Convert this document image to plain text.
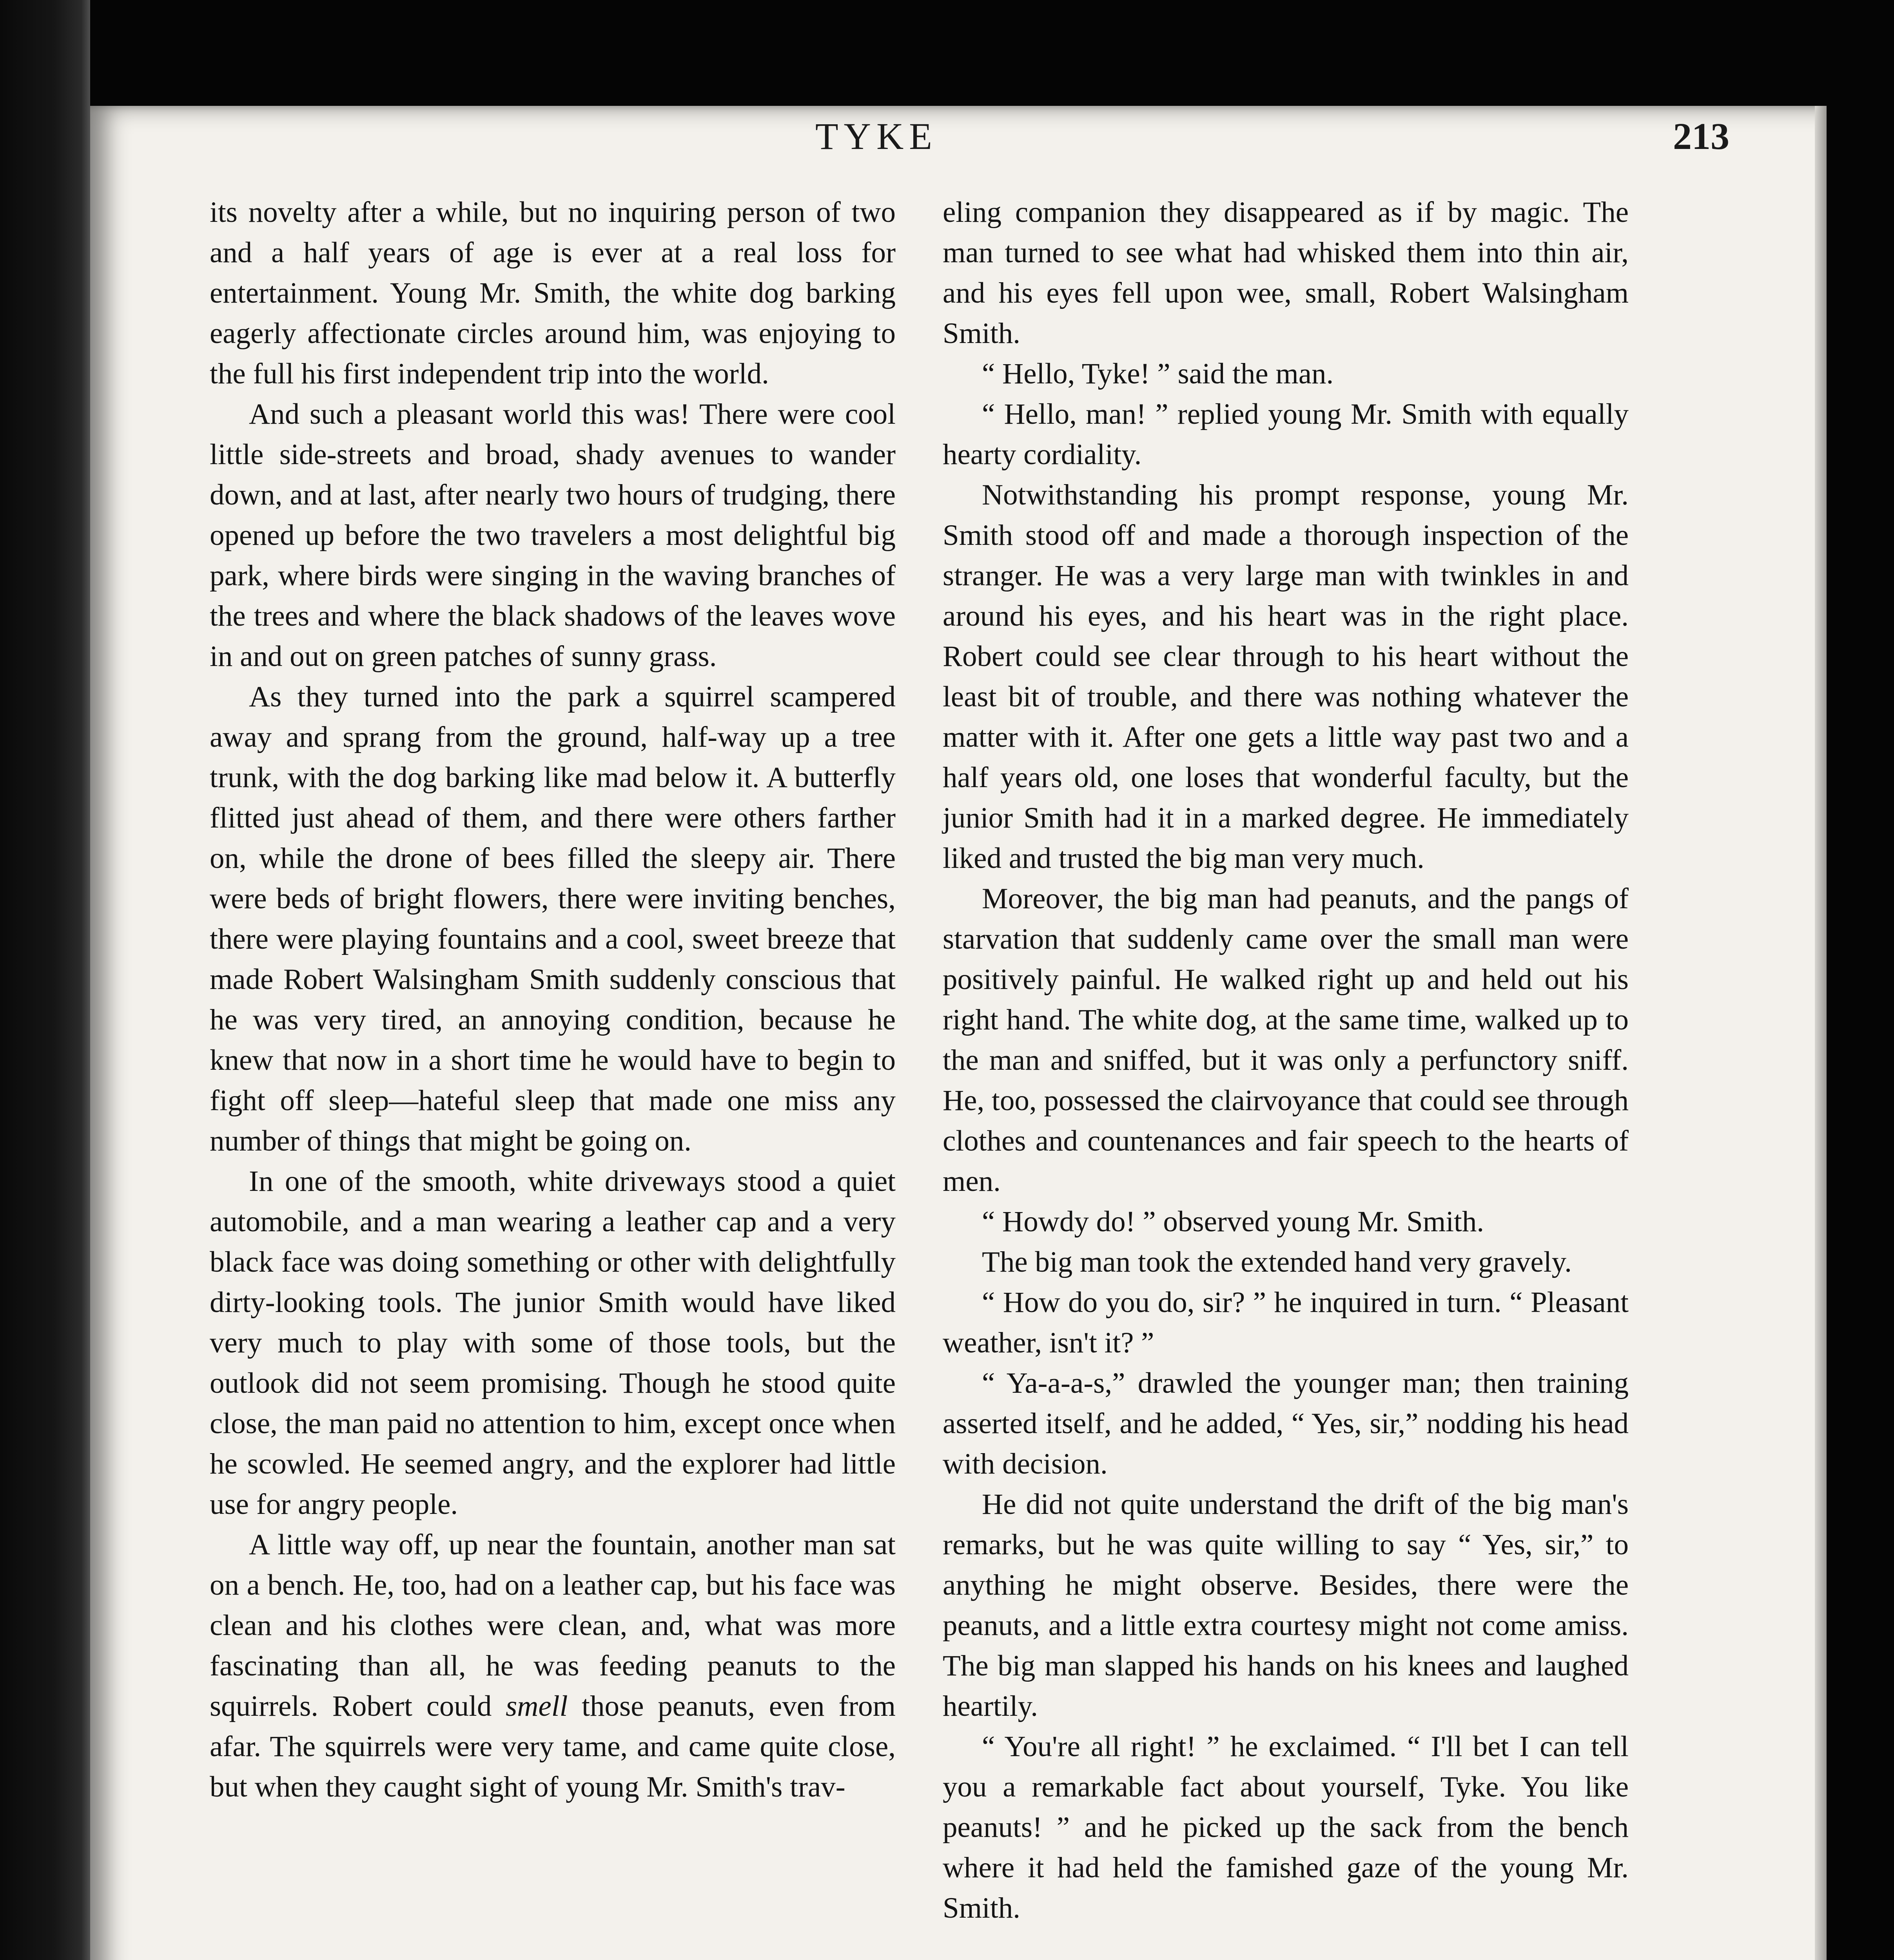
TYKE	213

its novelty after a while, but no inquiring person of two and a half years of age is ever at a real loss for entertainment. Young Mr. Smith, the white dog barking eagerly affectionate circles around him, was enjoying to the full his first independent trip into the world.

And such a pleasant world this was! There were cool little side-streets and broad, shady avenues to wander down, and at last, after nearly two hours of trudging, there opened up before the two travelers a most delightful big park, where birds were singing in the waving branches of the trees and where the black shadows of the leaves wove in and out on green patches of sunny grass.

As they turned into the park a squirrel scampered away and sprang from the ground, half-way up a tree trunk, with the dog barking like mad below it. A butterfly flitted just ahead of them, and there were others farther on, while the drone of bees filled the sleepy air. There were beds of bright flowers, there were inviting benches, there were playing fountains and a cool, sweet breeze that made Robert Walsingham Smith suddenly conscious that he was very tired, an annoying condition, because he knew that now in a short time he would have to begin to fight off sleep—hateful sleep that made one miss any number of things that might be going on.

In one of the smooth, white driveways stood a quiet automobile, and a man wearing a leather cap and a very black face was doing something or other with delightfully dirty-looking tools. The junior Smith would have liked very much to play with some of those tools, but the outlook did not seem promising. Though he stood quite close, the man paid no attention to him, except once when he scowled. He seemed angry, and the explorer had little use for angry people.

A little way off, up near the fountain, another man sat on a bench. He, too, had on a leather cap, but his face was clean and his clothes were clean, and, what was more fascinating than all, he was feeding peanuts to the squirrels. Robert could smell those peanuts, even from afar. The squirrels were very tame, and came quite close, but when they caught sight of young Mr. Smith's trav-

eling companion they disappeared as if by magic. The man turned to see what had whisked them into thin air, and his eyes fell upon wee, small, Robert Walsingham Smith.

“ Hello, Tyke! ” said the man.

“ Hello, man! ” replied young Mr. Smith with equally hearty cordiality.

Notwithstanding his prompt response, young Mr. Smith stood off and made a thorough inspection of the stranger. He was a very large man with twinkles in and around his eyes, and his heart was in the right place. Robert could see clear through to his heart without the least bit of trouble, and there was nothing whatever the matter with it. After one gets a little way past two and a half years old, one loses that wonderful faculty, but the junior Smith had it in a marked degree. He immediately liked and trusted the big man very much.

Moreover, the big man had peanuts, and the pangs of starvation that suddenly came over the small man were positively painful. He walked right up and held out his right hand. The white dog, at the same time, walked up to the man and sniffed, but it was only a perfunctory sniff. He, too, possessed the clairvoyance that could see through clothes and countenances and fair speech to the hearts of men.

“ Howdy do! ” observed young Mr. Smith.

The big man took the extended hand very gravely.

“ How do you do, sir? ” he inquired in turn. “ Pleasant weather, isn't it? ”

“ Ya-a-a-s,” drawled the younger man; then training asserted itself, and he added, “ Yes, sir,” nodding his head with decision.

He did not quite understand the drift of the big man's remarks, but he was quite willing to say “ Yes, sir,” to anything he might observe. Besides, there were the peanuts, and a little extra courtesy might not come amiss. The big man slapped his hands on his knees and laughed heartily.

“ You're all right! ” he exclaimed. “ I'll bet I can tell you a remarkable fact about yourself, Tyke. You like peanuts! ” and he picked up the sack from the bench where it had held the famished gaze of the young Mr. Smith.
